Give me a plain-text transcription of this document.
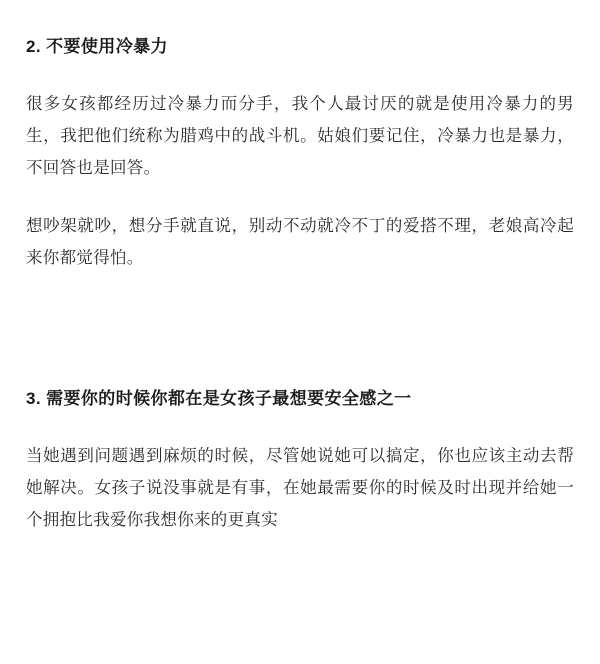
2. 不要使用冷暴力

很多女孩都经历过冷暴力而分手，我个人最讨厌的就是使用冷暴力的男生，我把他们统称为腊鸡中的战斗机。姑娘们要记住，冷暴力也是暴力，不回答也是回答。

想吵架就吵，想分手就直说，别动不动就冷不丁的爱搭不理，老娘高冷起来你都觉得怕。

3. 需要你的时候你都在是女孩子最想要安全感之一

当她遇到问题遇到麻烦的时候，尽管她说她可以搞定，你也应该主动去帮她解决。女孩子说没事就是有事，在她最需要你的时候及时出现并给她一个拥抱比我爱你我想你来的更真实
